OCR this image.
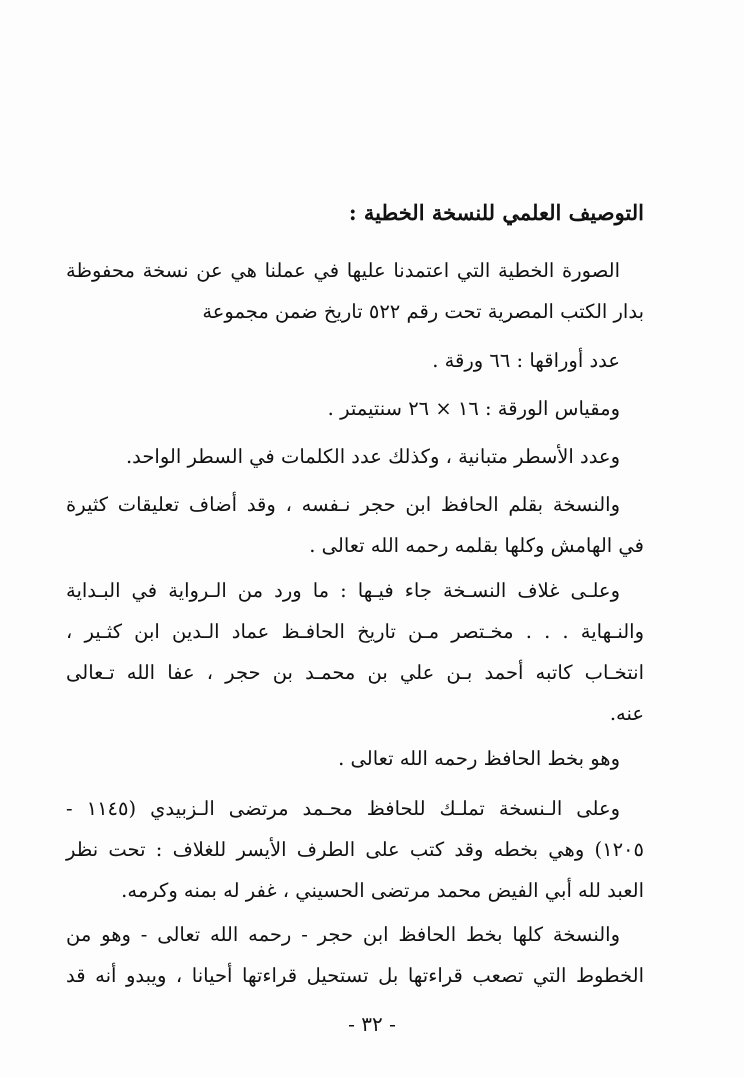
التوصيف العلمي للنسخة الخطية :
الصورة الخطية التي اعتمدنا عليها في عملنا هي عن نسخة محفوظة
بدار الكتب المصرية تحت رقم ٥٢٢ تاريخ ضمن مجموعة
عدد أوراقها : ٦٦ ورقة .
ومقياس الورقة : ١٦ × ٢٦ سنتيمتر .
وعدد الأسطر متبانية ، وكذلك عدد الكلمات في السطر الواحد.
والنسخة بقلم الحافظ ابن حجر نـفسه ، وقد أضاف تعليقات كثيرة
في الهامش وكلها بقلمه رحمه الله تعالى .
وعلـى غلاف النسـخة جاء فيـها : ما ورد من الـرواية في البـداية
والنـهاية . . . مخـتصر مـن تاريخ الحافـظ عماد الـدين ابن كثـير ،
انتخـاب كاتبه أحمد بـن علي بن محمـد بن حجر ، عفا الله تـعالى
عنه.
وهو بخط الحافظ رحمه الله تعالى .
وعلى الـنسخة تملـك للحافظ محـمد مرتضى الـزبيدي (١١٤٥ -
١٢٠٥) وهي بخطه وقد كتب على الطرف الأيسر للغلاف : تحت نظر
العبد لله أبي الفيض محمد مرتضى الحسيني ، غفر له بمنه وكرمه.
والنسخة كلها بخط الحافظ ابن حجر - رحمه الله تعالى - وهو من
الخطوط التي تصعب قراءتها بل تستحيل قراءتها أحيانا ، ويبدو أنه قد
- ٣٢ -
